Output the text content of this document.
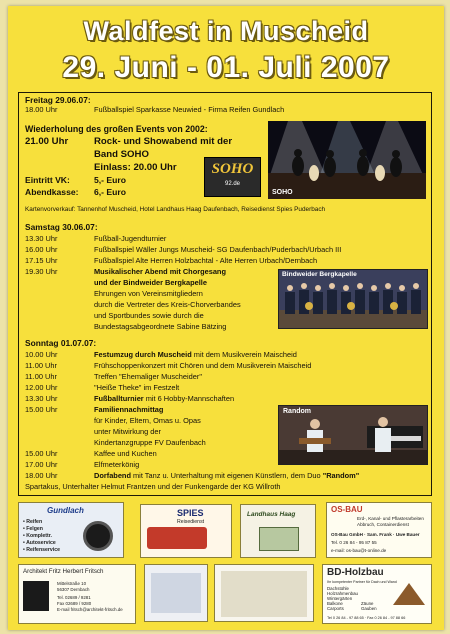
Waldfest in Muscheid
29. Juni - 01. Juli 2007
Freitag 29.06.07:
18.00 Uhr	Fußballspiel Sparkasse Neuwied - Firma Reifen Gundlach
Wiederholung des großen Events von 2002:
21.00 Uhr	Rock- und Showabend mit der
Band SOHO
Einlass: 20.00 Uhr
Eintritt VK:	5,- Euro
Abendkasse: 6,- Euro
SOHO
92.de
SOHO
Kartenvorverkauf: Tannenhof Muscheid, Hotel Landhaus Haag Daufenbach, Reisedienst Spies Puderbach
Samstag 30.06.07:
13.30 Uhr	Fußball-Jugendturnier
16.00 Uhr	Fußballspiel Wäller Jungs Muscheid- SG Daufenbach/Puderbach/Urbach III
17.15 Uhr	Fußballspiel Alte Herren Holzbachtal - Alte Herren Urbach/Dernbach
19.30 Uhr	Musikalischer Abend mit Chorgesang
und der Bindweider Bergkapelle
Ehrungen von Vereinsmitgliedern
durch die Vertreter des Kreis-Chorverbandes
und Sportbundes sowie durch die
Bundestagsabgeordnete Sabine Bätzing
Bindweider Bergkapelle
Sonntag 01.07.07:
10.00 Uhr	Festumzug durch Muscheid mit dem Musikverein Maischeid
11.00 Uhr	Frühschoppenkonzert mit Chören und dem Musikverein Maischeid
11.00 Uhr	Treffen "Ehemaliger Muscheider"
12.00 Uhr	"Heiße Theke" im Festzelt
13.30 Uhr	Fußballturnier mit 6 Hobby-Mannschaften
15.00 Uhr	Familiennachmittag
für Kinder, Eltern, Omas u. Opas
unter Mitwirkung der
Kindertanzgruppe FV Daufenbach
15.00 Uhr	Kaffee und Kuchen
17.00 Uhr	Elfmeterkönig
18.00 Uhr	Dorfabend mit Tanz u. Unterhaltung mit eigenen Künstlern, dem Duo "Random"
Spartakus, Unterhalter Helmut Frantzen und der Funkengarde der KG Willroth
Random
Gundlach
• Reifen
• Felgen
• Komplettr.
• Autoservice
• Reifenservice
SPIES
Reisedienst
Landhaus Haag
OS-BAU
Erd-, Kanal- und Pflasterarbeiten
Abbruch, Containerdienst
OS-Bau GmbH · Sam. Frank · Uwe Bauer
Tel. 0 26 84 - 95 87 55
e-mail: os-bau@t-online.de
Architekt Fritz Herbert Fritsch
Mittelstraße 10
56307 Dernbach
Tel. 02689 / 9281
Fax 02689 / 9280
E-mail fritsch@architekt-fritsch.de
BD-Holzbau
Ihr kompetenter Partner für Dach und Wand
Dachstühle
Holzrahmenbau
Wintergärten
Balkone
Carports	Gauben
Zäune
Tel 0 26 84 - 97 88 65 · Fax 0 26 84 - 97 88 66
